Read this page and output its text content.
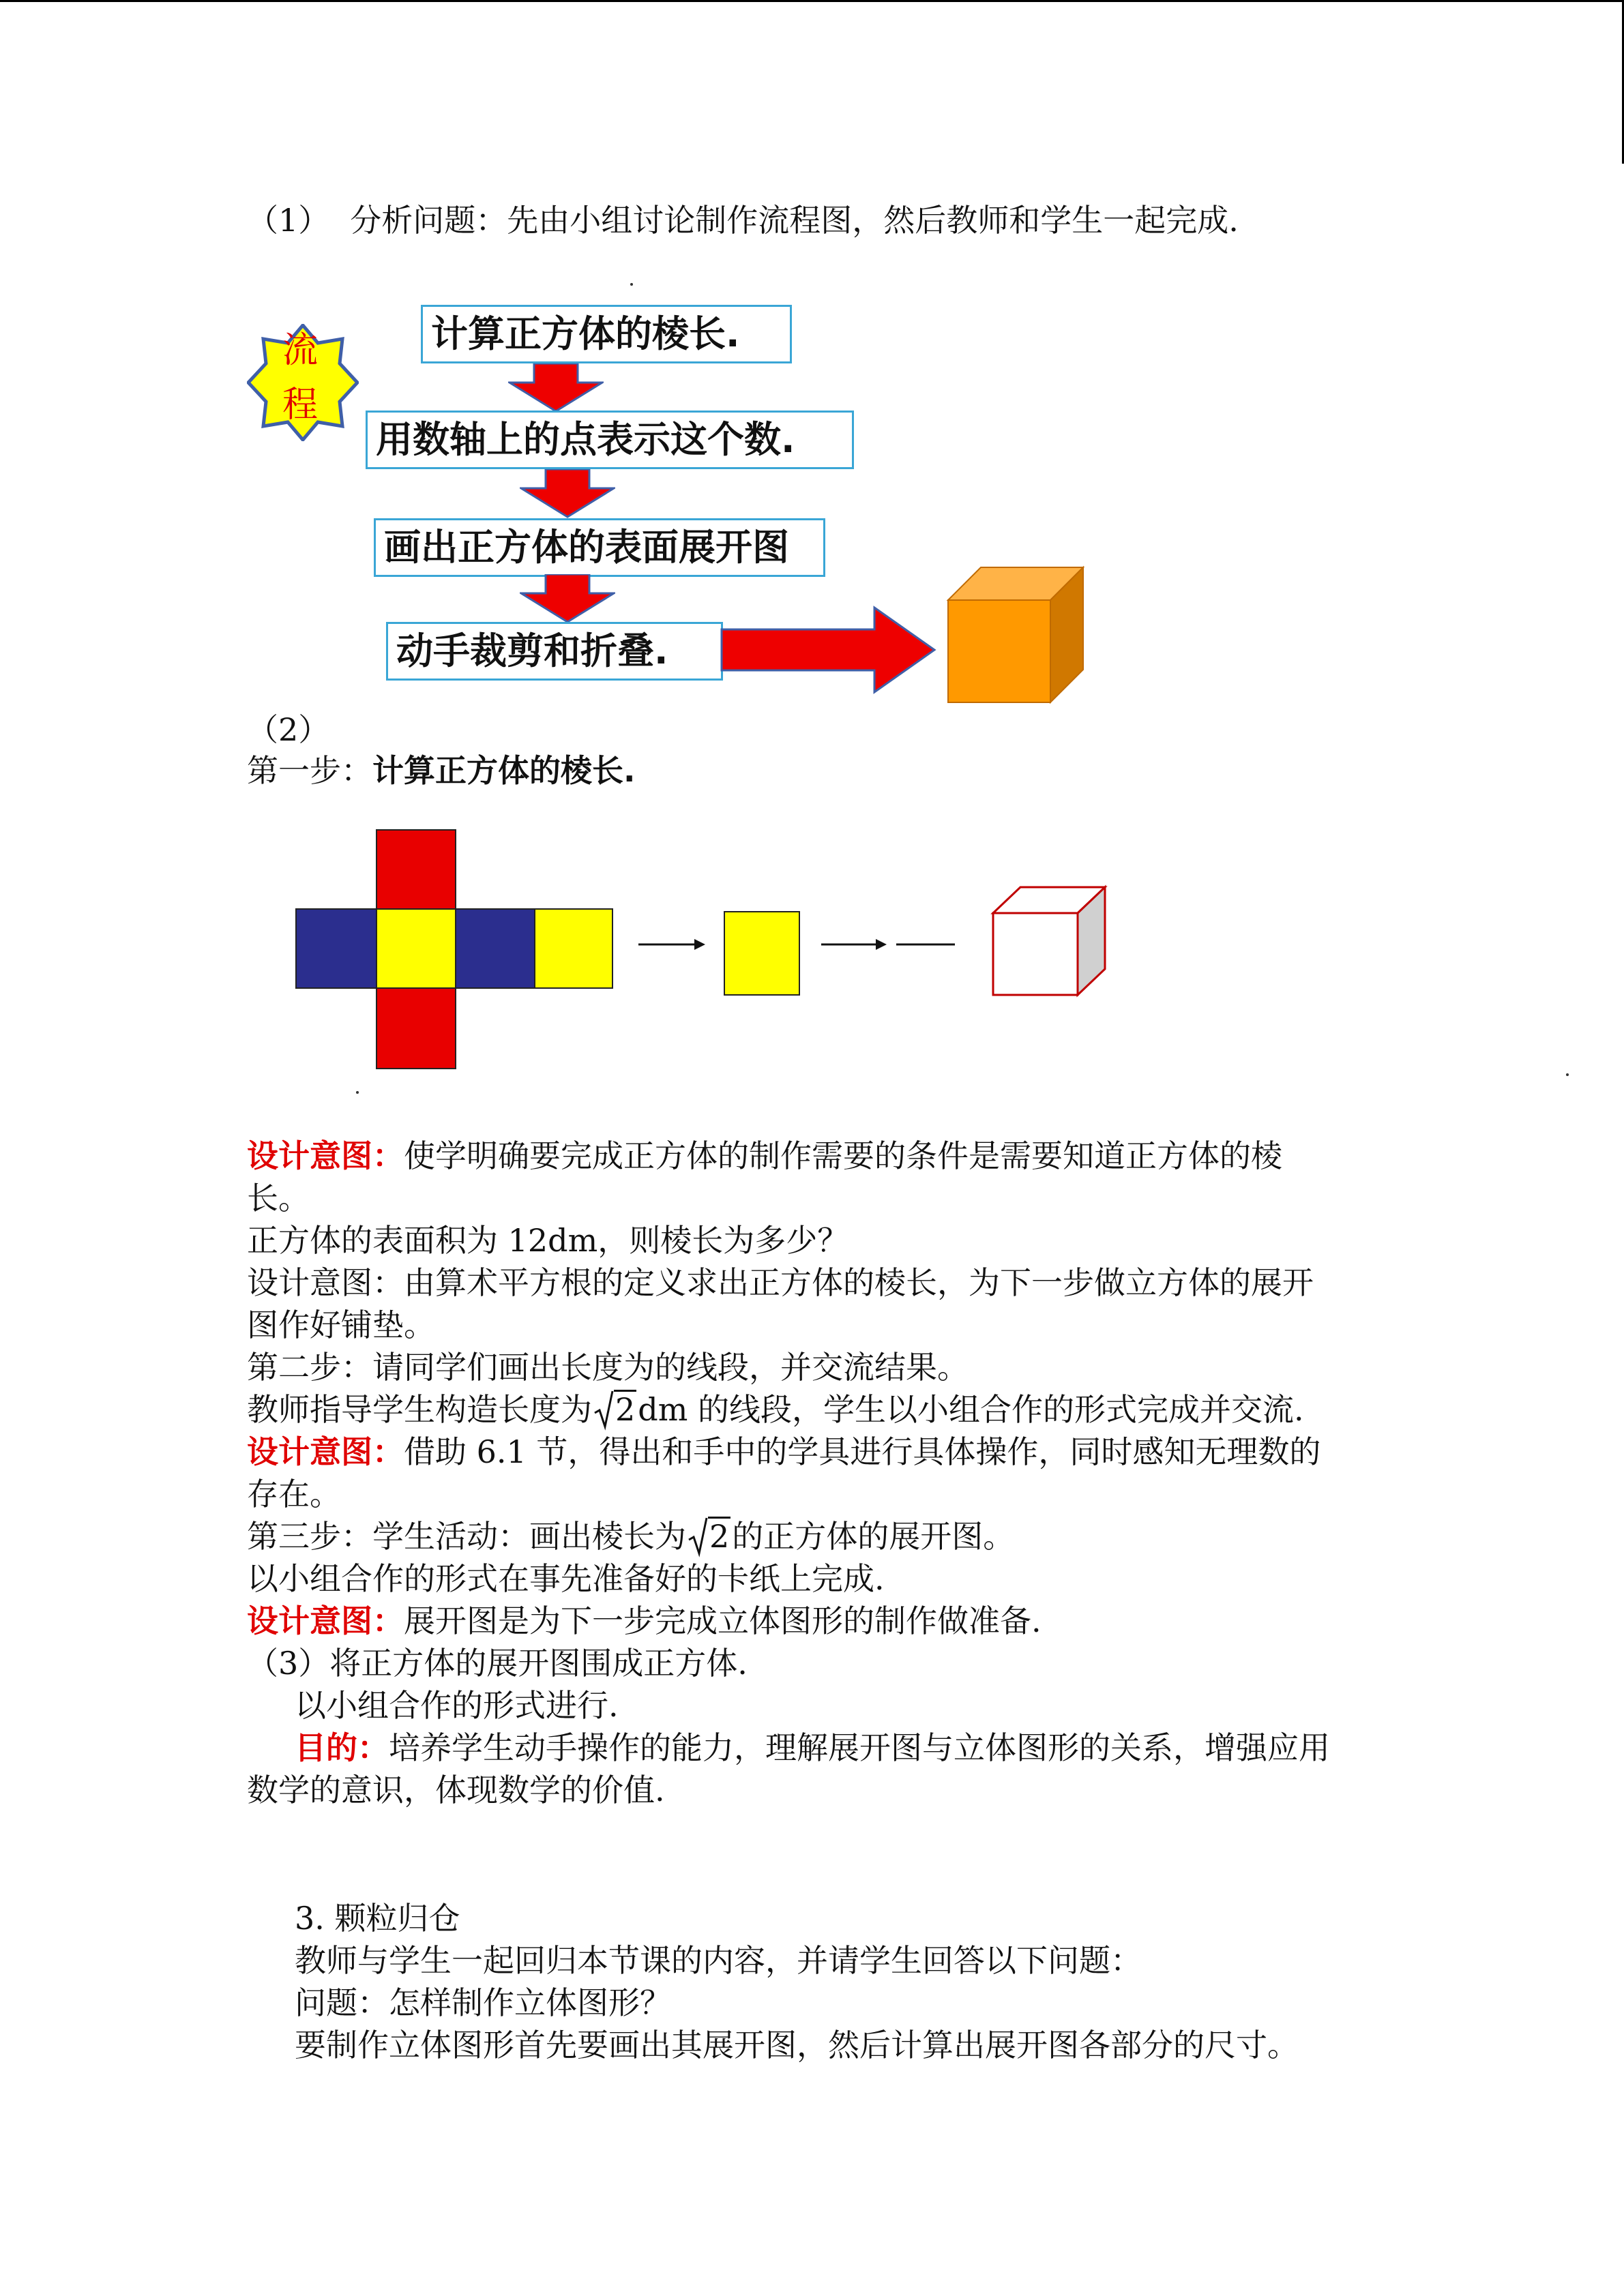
（1） 分析问题：先由小组讨论制作流程图，然后教师和学生一起完成.
流
程
计算正方体的棱长.
用数轴上的点表示这个数.
画出正方体的表面展开图
动手裁剪和折叠.
（2）
第一步：计算正方体的棱长.
设计意图：使学明确要完成正方体的制作需要的条件是需要知道正方体的棱
长。
正方体的表面积为 12dm，则棱长为多少？
设计意图：由算术平方根的定义求出正方体的棱长，为下一步做立方体的展开
图作好铺垫。
第二步：请同学们画出长度为的线段，并交流结果。
教师指导学生构造长度为 2dm 的线段，学生以小组合作的形式完成并交流.
设计意图：借助 6.1 节，得出和手中的学具进行具体操作，同时感知无理数的
存在。
第三步：学生活动：画出棱长为 2的正方体的展开图。
以小组合作的形式在事先准备好的卡纸上完成.
设计意图：展开图是为下一步完成立体图形的制作做准备.
（3）将正方体的展开图围成正方体.
以小组合作的形式进行.
目的：培养学生动手操作的能力，理解展开图与立体图形的关系，增强应用
数学的意识，体现数学的价值.
3. 颗粒归仓
教师与学生一起回归本节课的内容，并请学生回答以下问题：
问题：怎样制作立体图形？
要制作立体图形首先要画出其展开图，然后计算出展开图各部分的尺寸。
